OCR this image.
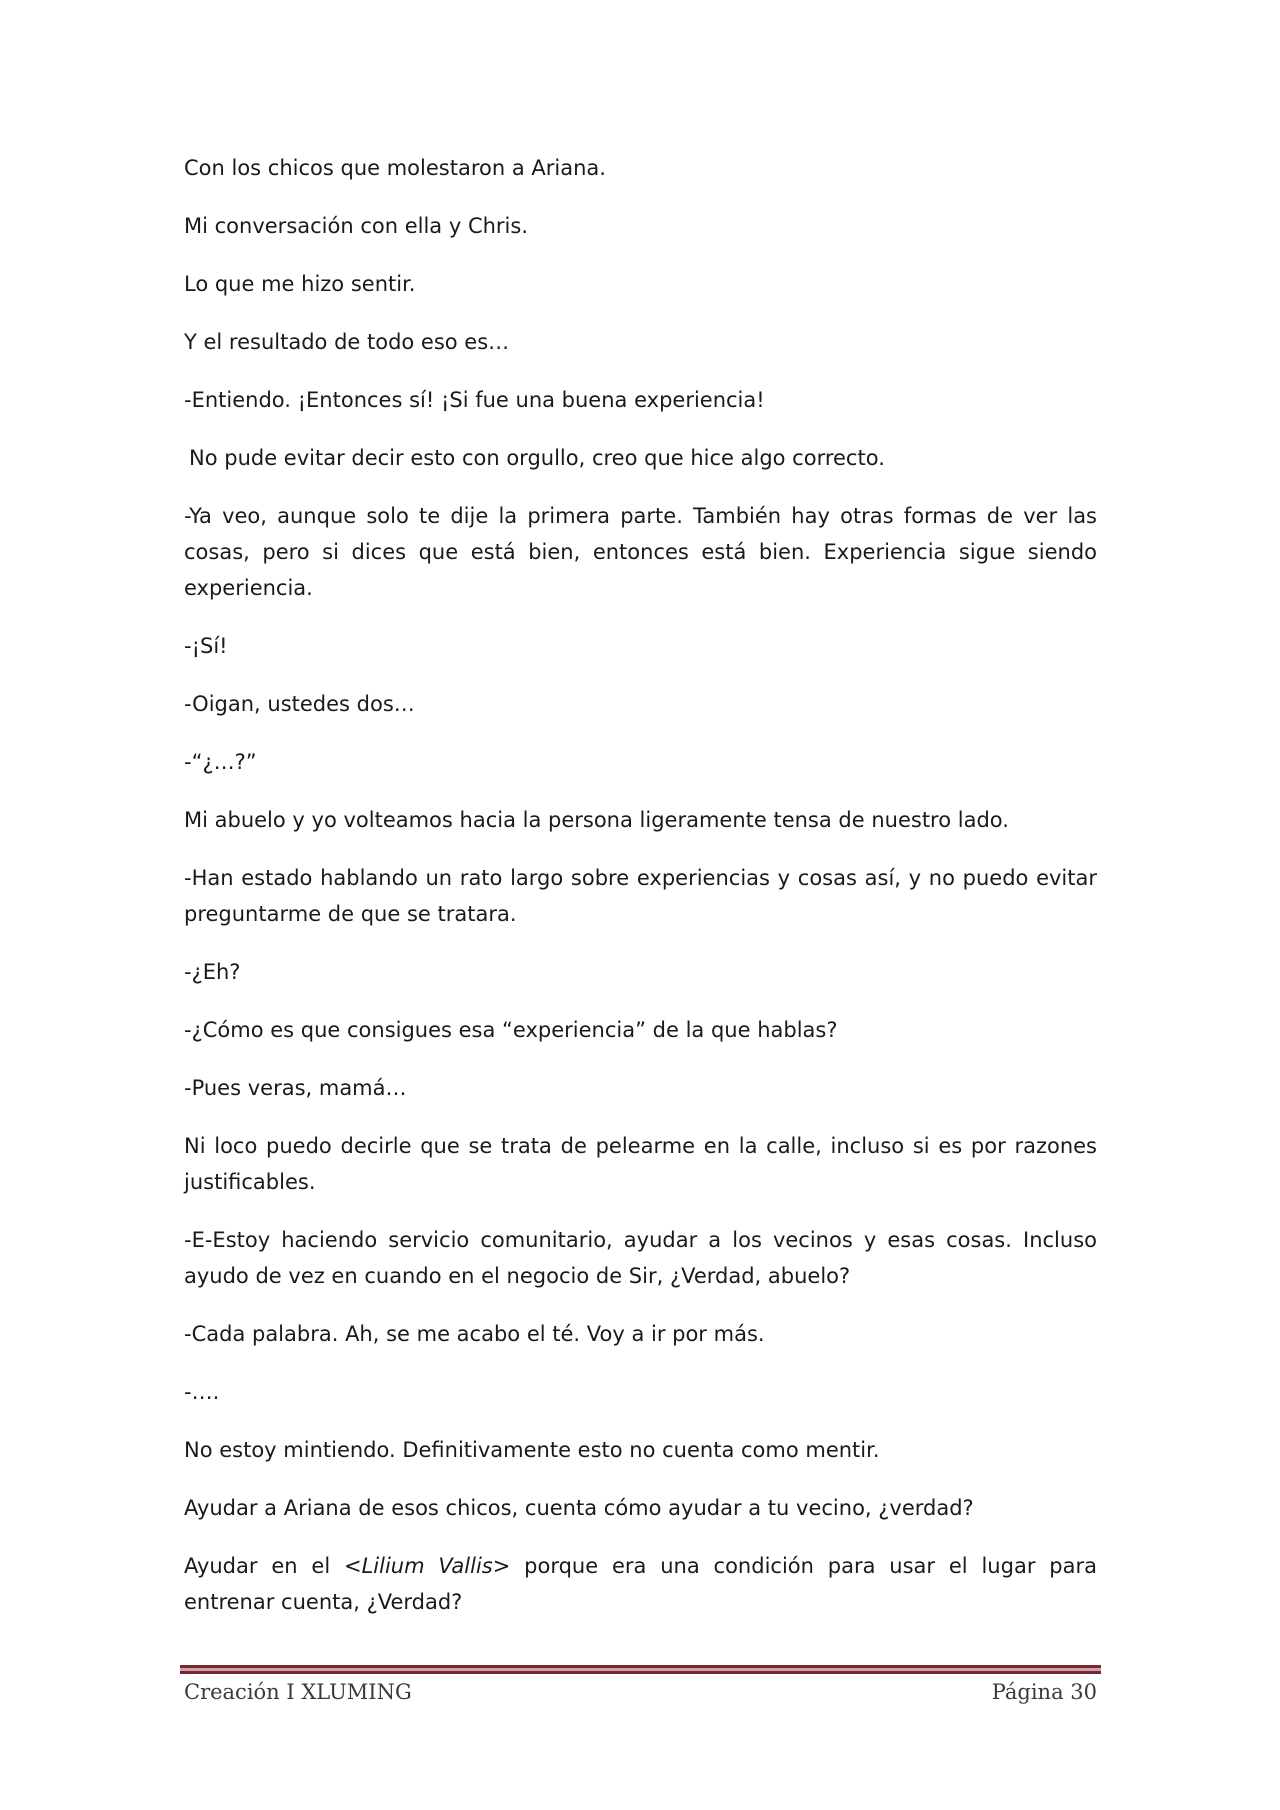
Con los chicos que molestaron a Ariana.

Mi conversación con ella y Chris.

Lo que me hizo sentir.

Y el resultado de todo eso es…

-Entiendo. ¡Entonces sí! ¡Si fue una buena experiencia!

No pude evitar decir esto con orgullo, creo que hice algo correcto.

-Ya veo, aunque solo te dije la primera parte. También hay otras formas de ver las cosas, pero si dices que está bien, entonces está bien. Experiencia sigue siendo experiencia.

-¡Sí!

-Oigan, ustedes dos…

-“¿…?”

Mi abuelo y yo volteamos hacia la persona ligeramente tensa de nuestro lado.

-Han estado hablando un rato largo sobre experiencias y cosas así, y no puedo evitar preguntarme de que se tratara.

-¿Eh?

-¿Cómo es que consigues esa “experiencia” de la que hablas?

-Pues veras, mamá…

Ni loco puedo decirle que se trata de pelearme en la calle, incluso si es por razones justificables.

-E-Estoy haciendo servicio comunitario, ayudar a los vecinos y esas cosas. Incluso ayudo de vez en cuando en el negocio de Sir, ¿Verdad, abuelo?

-Cada palabra. Ah, se me acabo el té. Voy a ir por más.

-….

No estoy mintiendo. Definitivamente esto no cuenta como mentir.

Ayudar a Ariana de esos chicos, cuenta cómo ayudar a tu vecino, ¿verdad?

Ayudar en el <Lilium Vallis> porque era una condición para usar el lugar para entrenar cuenta, ¿Verdad?

Creación I XLUMING	Página 30
